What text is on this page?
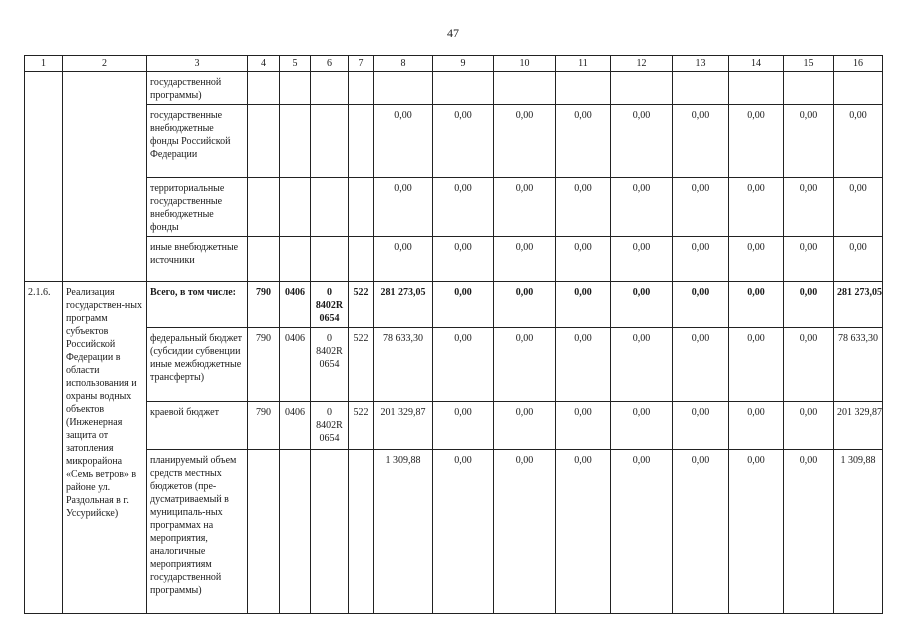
47
1	2	3	4	5	6	7	8	9	10	11	12	13	14	15	16
		государственной программы)													
		государственные внебюджетные фонды Российской Федерации					0,00	0,00	0,00	0,00	0,00	0,00	0,00	0,00	0,00
		территориальные государственные внебюджетные фонды					0,00	0,00	0,00	0,00	0,00	0,00	0,00	0,00	0,00
		иные внебюджетные источники					0,00	0,00	0,00	0,00	0,00	0,00	0,00	0,00	0,00
2.1.6.	Реализация государствен-ных программ субъектов Российской Федерации в области использования и охраны водных объектов (Инженерная защита от затопления микрорайона «Семь ветров» в районе ул. Раздольная в г. Уссурийске)	Всего, в том числе:	790	0406	0 8402R 0654	522	281 273,05	0,00	0,00	0,00	0,00	0,00	0,00	0,00	281 273,05
		федеральный бюджет (субсидии субвенции иные межбюджетные трансферты)	790	0406	0 8402R 0654	522	78 633,30	0,00	0,00	0,00	0,00	0,00	0,00	0,00	78 633,30
		краевой бюджет	790	0406	0 8402R 0654	522	201 329,87	0,00	0,00	0,00	0,00	0,00	0,00	0,00	201 329,87
		планируемый объем средств местных бюджетов (пре-дусматриваемый в муниципаль-ных программах на мероприятия, аналогичные мероприятиям государственной программы)					1 309,88	0,00	0,00	0,00	0,00	0,00	0,00	0,00	1 309,88
